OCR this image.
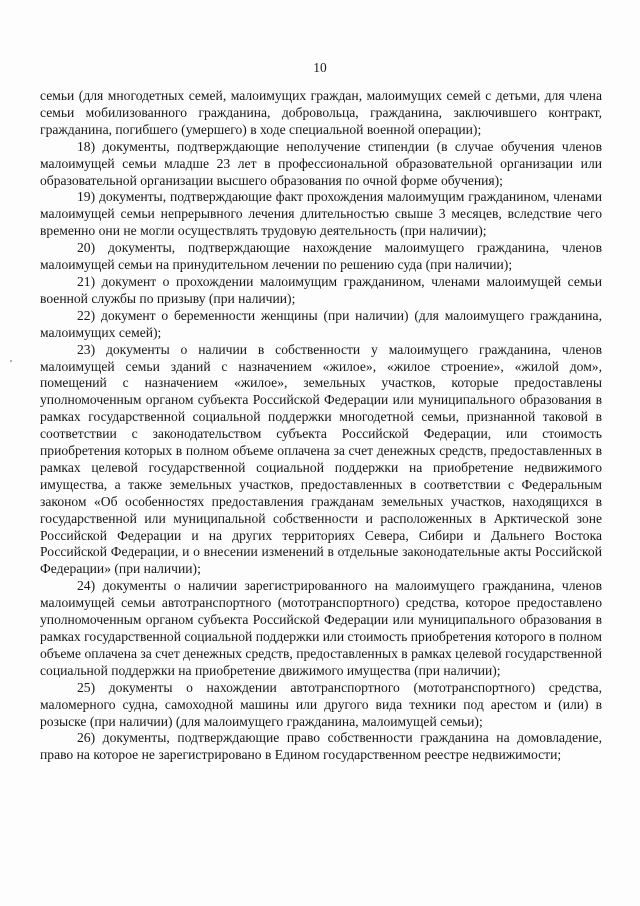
10

семьи (для многодетных семей, малоимущих граждан, малоимущих семей с детьми, для члена семьи мобилизованного гражданина, добровольца, гражданина, заключившего контракт, гражданина, погибшего (умершего) в ходе специальной военной операции);

18) документы, подтверждающие неполучение стипендии (в случае обучения членов малоимущей семьи младше 23 лет в профессиональной образовательной организации или образовательной организации высшего образования по очной форме обучения);

19) документы, подтверждающие факт прохождения малоимущим гражданином, членами малоимущей семьи непрерывного лечения длительностью свыше 3 месяцев, вследствие чего временно они не могли осуществлять трудовую деятельность (при наличии);

20) документы, подтверждающие нахождение малоимущего гражданина, членов малоимущей семьи на принудительном лечении по решению суда (при наличии);

21) документ о прохождении малоимущим гражданином, членами малоимущей семьи военной службы по призыву (при наличии);

22) документ о беременности женщины (при наличии) (для малоимущего гражданина, малоимущих семей);

23) документы о наличии в собственности у малоимущего гражданина, членов малоимущей семьи зданий с назначением «жилое», «жилое строение», «жилой дом», помещений с назначением «жилое», земельных участков, которые предоставлены уполномоченным органом субъекта Российской Федерации или муниципального образования в рамках государственной социальной поддержки многодетной семьи, признанной таковой в соответствии с законодательством субъекта Российской Федерации, или стоимость приобретения которых в полном объеме оплачена за счет денежных средств, предоставленных в рамках целевой государственной социальной поддержки на приобретение недвижимого имущества, а также земельных участков, предоставленных в соответствии с Федеральным законом «Об особенностях предоставления гражданам земельных участков, находящихся в государственной или муниципальной собственности и расположенных в Арктической зоне Российской Федерации и на других территориях Севера, Сибири и Дальнего Востока Российской Федерации, и о внесении изменений в отдельные законодательные акты Российской Федерации» (при наличии);

24) документы о наличии зарегистрированного на малоимущего гражданина, членов малоимущей семьи автотранспортного (мототранспортного) средства, которое предоставлено уполномоченным органом субъекта Российской Федерации или муниципального образования в рамках государственной социальной поддержки или стоимость приобретения которого в полном объеме оплачена за счет денежных средств, предоставленных в рамках целевой государственной социальной поддержки на приобретение движимого имущества (при наличии);

25) документы о нахождении автотранспортного (мототранспортного) средства, маломерного судна, самоходной машины или другого вида техники под арестом и (или) в розыске (при наличии) (для малоимущего гражданина, малоимущей семьи);

26) документы, подтверждающие право собственности гражданина на домовладение, право на которое не зарегистрировано в Едином государственном реестре недвижимости;
